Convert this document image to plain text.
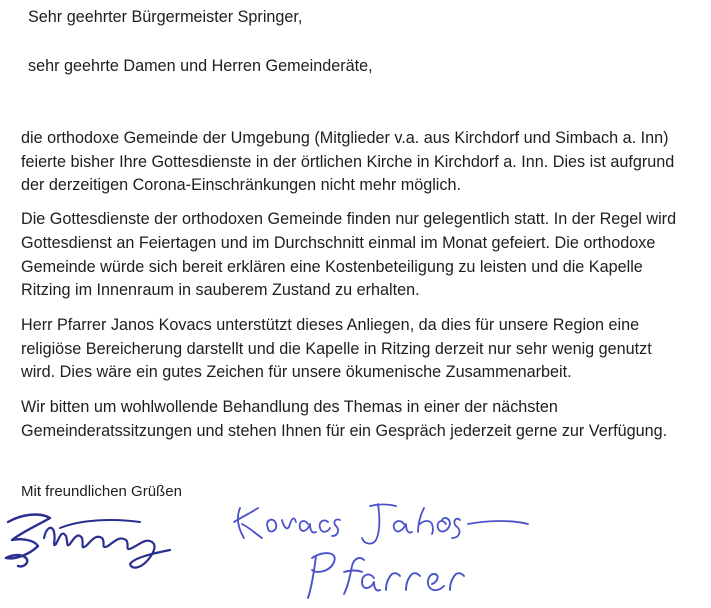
Sehr geehrter Bürgermeister Springer,
sehr geehrte Damen und Herren Gemeinderäte,
die orthodoxe Gemeinde der Umgebung (Mitglieder v.a. aus Kirchdorf und Simbach a. Inn)
feierte bisher Ihre Gottesdienste in der örtlichen Kirche in Kirchdorf a. Inn. Dies ist aufgrund
der derzeitigen Corona-Einschränkungen nicht mehr möglich.
Die Gottesdienste der orthodoxen Gemeinde finden nur gelegentlich statt. In der Regel wird
Gottesdienst an Feiertagen und im Durchschnitt einmal im Monat gefeiert. Die orthodoxe
Gemeinde würde sich bereit erklären eine Kostenbeteiligung zu leisten und die Kapelle
Ritzing im Innenraum in sauberem Zustand zu erhalten.
Herr Pfarrer Janos Kovacs unterstützt dieses Anliegen, da dies für unsere Region eine
religiöse Bereicherung darstellt und die Kapelle in Ritzing derzeit nur sehr wenig genutzt
wird. Dies wäre ein gutes Zeichen für unsere ökumenische Zusammenarbeit.
Wir bitten um wohlwollende Behandlung des Themas in einer der nächsten
Gemeinderatssitzungen und stehen Ihnen für ein Gespräch jederzeit gerne zur Verfügung.
Mit freundlichen Grüßen
